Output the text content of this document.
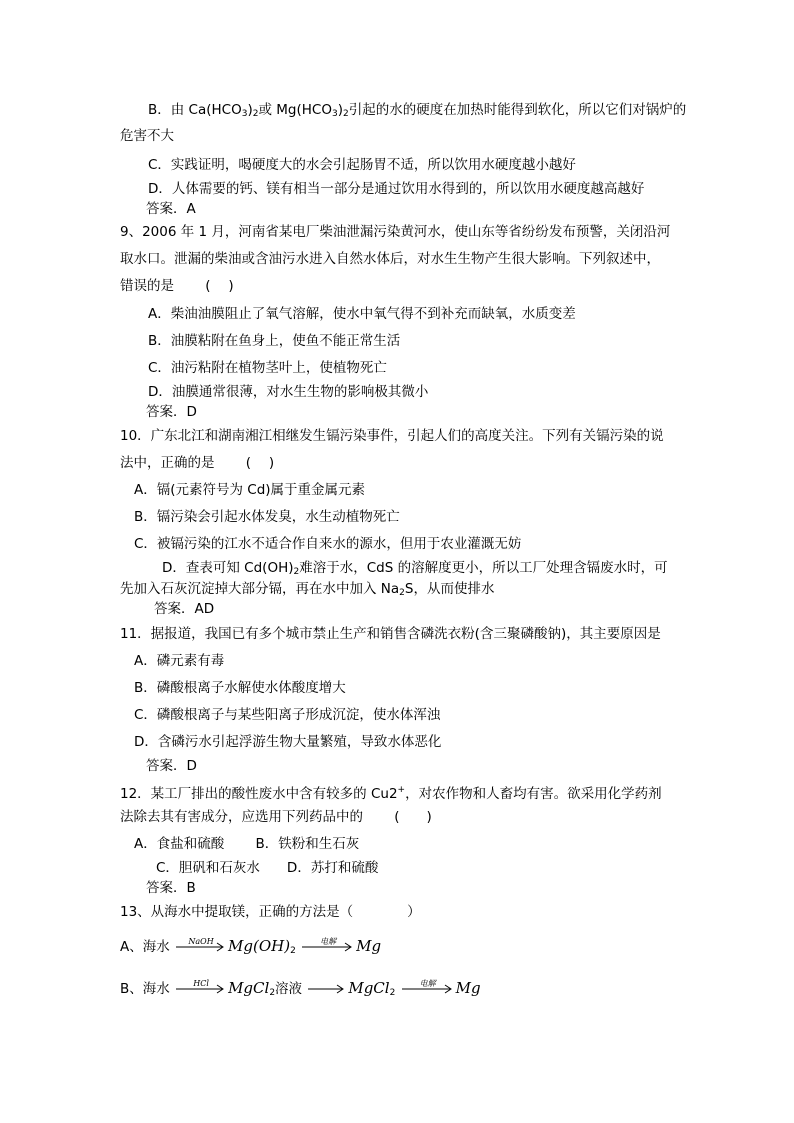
B．由 $Ca(HCO_3)_2$或 $Mg(HCO_3)_2$引起的水的硬度在加热时能得到软化，所以它们对锅炉的
危害不大
C．实践证明，喝硬度大的水会引起肠胃不适，所以饮用水硬度越小越好
D．人体需要的钙、镁有相当一部分是通过饮用水得到的，所以饮用水硬度越高越好
答案．A
9、2006 年 1 月，河南省某电厂柴油泄漏污染黄河水，使山东等省纷纷发布预警，关闭沿河
取水口。泄漏的柴油或含油污水进入自然水体后，对水生生物产生很大影响。下列叙述中，
错误的是 　　(　 )
A．柴油油膜阻止了氧气溶解，使水中氧气得不到补充而缺氧，水质变差
B．油膜粘附在鱼身上，使鱼不能正常生活
C．油污粘附在植物茎叶上，使植物死亡
D．油膜通常很薄，对水生生物的影响极其微小
答案．D
10．广东北江和湖南湘江相继发生镉污染事件，引起人们的高度关注。下列有关镉污染的说
法中，正确的是 　　(　 )
A．镉(元素符号为 Cd)属于重金属元素
B．镉污染会引起水体发臭，水生动植物死亡
C．被镉污染的江水不适合作自来水的源水，但用于农业灌溉无妨
D．查表可知 $Cd(OH)_2$难溶于水，CdS 的溶解度更小，所以工厂处理含镉废水时，可
先加入石灰沉淀掉大部分镉，再在水中加入 $Na_2S$，从而使排水
答案．AD
11．据报道，我国已有多个城市禁止生产和销售含磷洗衣粉(含三聚磷酸钠)，其主要原因是
A．磷元素有毒
B．磷酸根离子水解使水体酸度增大
C．磷酸根离子与某些阳离子形成沉淀，使水体浑浊
D．含磷污水引起浮游生物大量繁殖，导致水体恶化
答案．D
12．某工厂排出的酸性废水中含有较多的 Cu2+，对农作物和人畜均有害。欲采用化学药剂
法除去其有害成分，应选用下列药品中的 　　(　　)
A．食盐和硫酸　　 B．铁粉和生石灰
C．胆矾和石灰水　　D．苏打和硫酸
答案．B
13、从海水中提取镁，正确的方法是（　　　　）
A、海水	NaOH $Mg(OH)_2$
电解	Mg
B、海水	HCl	MgCl$_2$溶液 → MgCl$_2$
电解	Mg
